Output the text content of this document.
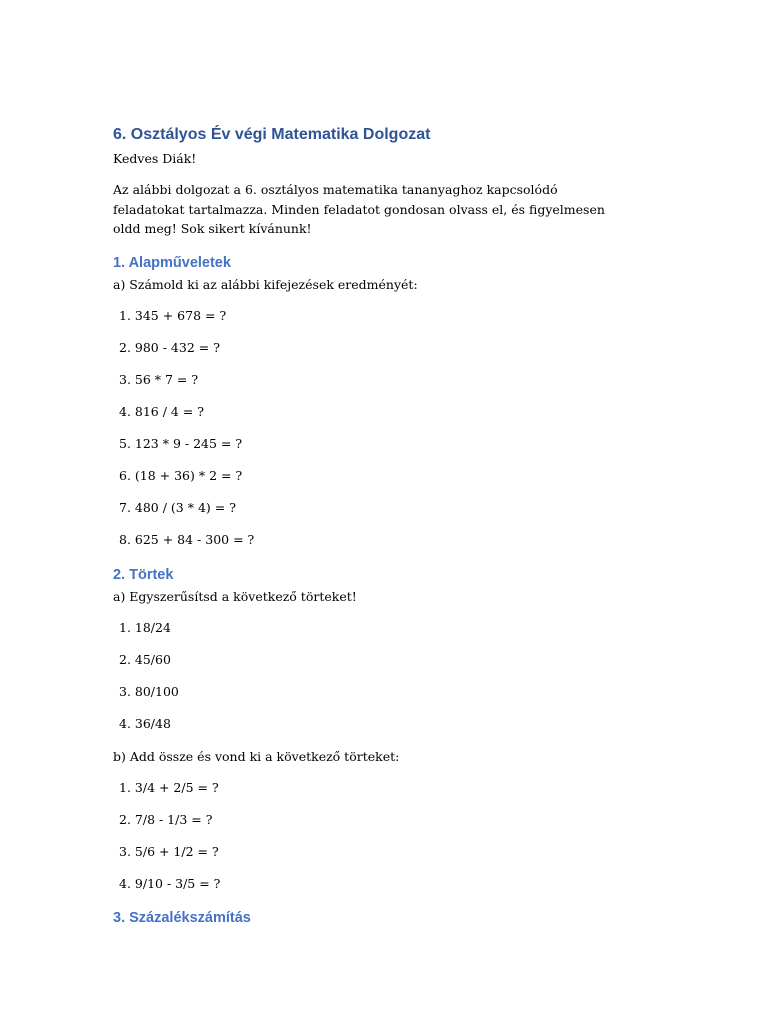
6. Osztályos Év végi Matematika Dolgozat

Kedves Diák!

Az alábbi dolgozat a 6. osztályos matematika tananyaghoz kapcsolódó feladatokat tartalmazza. Minden feladatot gondosan olvass el, és figyelmesen oldd meg! Sok sikert kívánunk!

1. Alapműveletek

a) Számold ki az alábbi kifejezések eredményét:

1. 345 + 678 = ?
2. 980 - 432 = ?
3. 56 * 7 = ?
4. 816 / 4 = ?
5. 123 * 9 - 245 = ?
6. (18 + 36) * 2 = ?
7. 480 / (3 * 4) = ?
8. 625 + 84 - 300 = ?
2. Törtek

a) Egyszerűsítsd a következő törteket!

1. 18/24
2. 45/60
3. 80/100
4. 36/48

b) Add össze és vond ki a következő törteket:

1. 3/4 + 2/5 = ?
2. 7/8 - 1/3 = ?
3. 5/6 + 1/2 = ?
4. 9/10 - 3/5 = ?
3. Százalékszámítás
